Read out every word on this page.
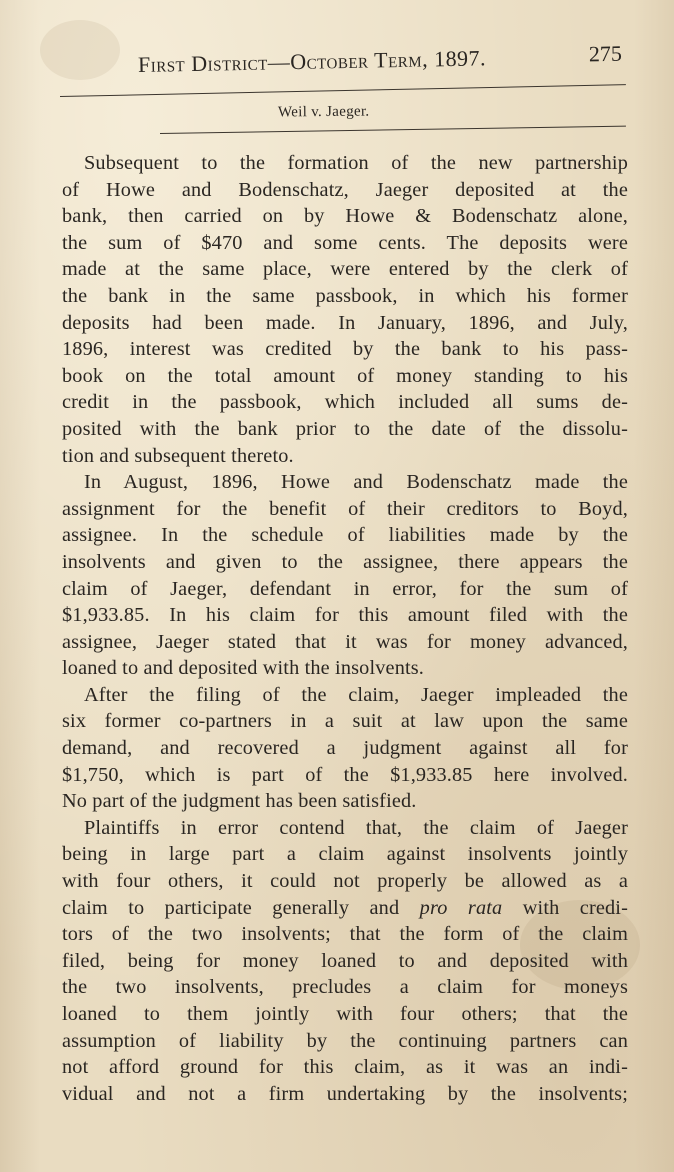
First District—October Term, 1897.	275
Weil v. Jaeger.
Subsequent to the formation of the new partnership
of Howe and Bodenschatz, Jaeger deposited at the
bank, then carried on by Howe & Bodenschatz alone,
the sum of $470 and some cents. The deposits were
made at the same place, were entered by the clerk of
the bank in the same passbook, in which his former
deposits had been made. In January, 1896, and July,
1896, interest was credited by the bank to his pass-
book on the total amount of money standing to his
credit in the passbook, which included all sums de-
posited with the bank prior to the date of the dissolu-
tion and subsequent thereto.
In August, 1896, Howe and Bodenschatz made the
assignment for the benefit of their creditors to Boyd,
assignee. In the schedule of liabilities made by the
insolvents and given to the assignee, there appears the
claim of Jaeger, defendant in error, for the sum of
$1,933.85. In his claim for this amount filed with the
assignee, Jaeger stated that it was for money advanced,
loaned to and deposited with the insolvents.
After the filing of the claim, Jaeger impleaded the
six former co-partners in a suit at law upon the same
demand, and recovered a judgment against all for
$1,750, which is part of the $1,933.85 here involved.
No part of the judgment has been satisfied.
Plaintiffs in error contend that, the claim of Jaeger
being in large part a claim against insolvents jointly
with four others, it could not properly be allowed as a
claim to participate generally and pro rata with credi-
tors of the two insolvents; that the form of the claim
filed, being for money loaned to and deposited with
the two insolvents, precludes a claim for moneys
loaned to them jointly with four others; that the
assumption of liability by the continuing partners can
not afford ground for this claim, as it was an indi-
vidual and not a firm undertaking by the insolvents;
